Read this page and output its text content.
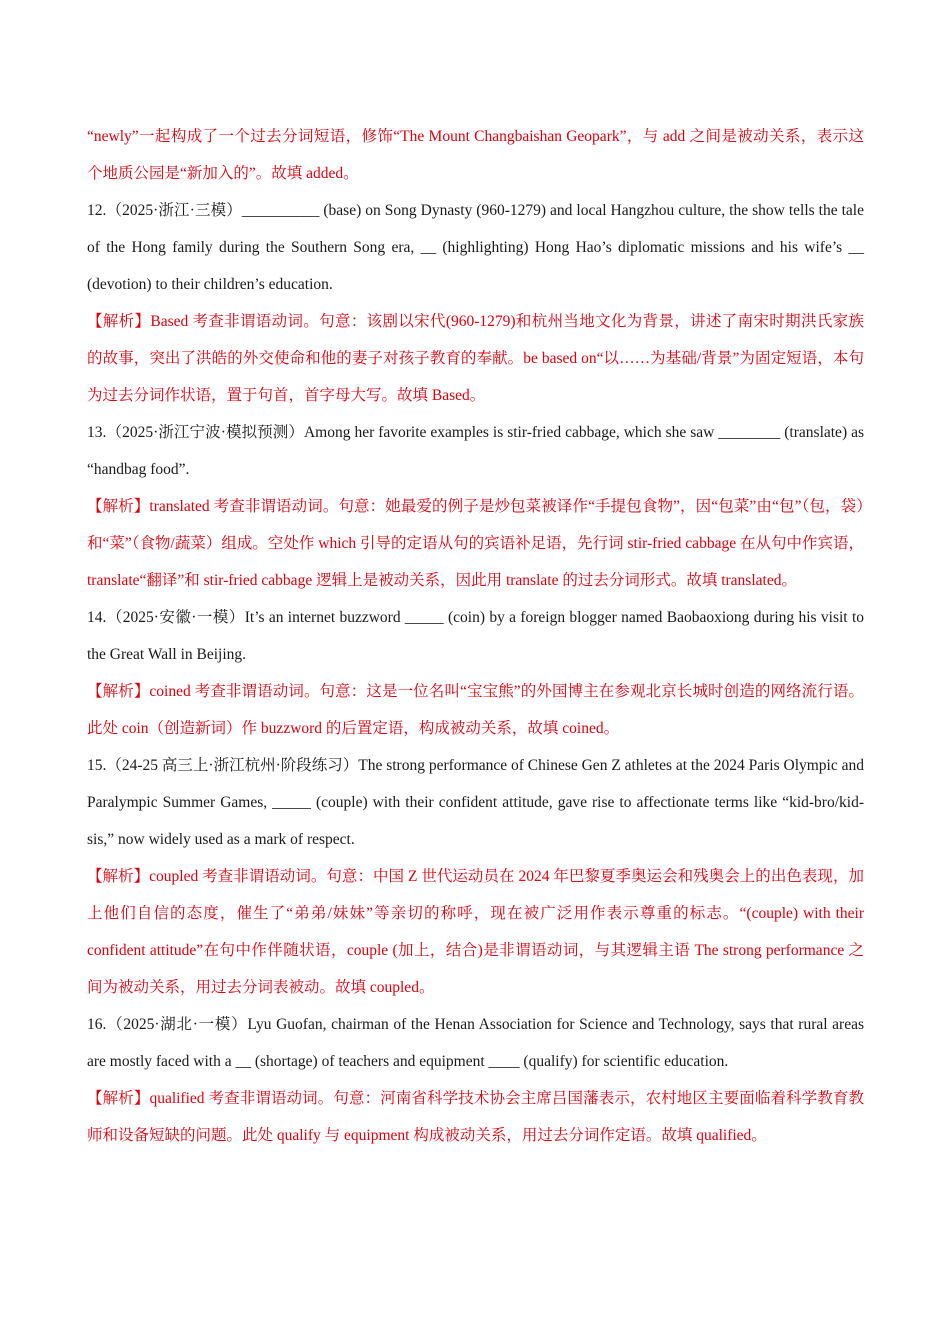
“newly”一起构成了一个过去分词短语，修饰“The Mount Changbaishan Geopark”，与 add 之间是被动关系，表示这个地质公园是“新加入的”。故填 added。

12.（2025·浙江·三模）__________ (base) on Song Dynasty (960-1279) and local Hangzhou culture, the show tells the tale of the Hong family during the Southern Song era, __ (highlighting) Hong Hao’s diplomatic missions and his wife’s __ (devotion) to their children’s education.

【解析】Based 考查非谓语动词。句意：该剧以宋代(960-1279)和杭州当地文化为背景，讲述了南宋时期洪氏家族的故事，突出了洪皓的外交使命和他的妻子对孩子教育的奉献。be based on“以……为基础/背景”为固定短语，本句为过去分词作状语，置于句首，首字母大写。故填 Based。

13.（2025·浙江宁波·模拟预测）Among her favorite examples is stir-fried cabbage, which she saw ________ (translate) as “handbag food”.

【解析】translated 考查非谓语动词。句意：她最爱的例子是炒包菜被译作“手提包食物”，因“包菜”由“包”（包，袋）和“菜”（食物/蔬菜）组成。空处作 which 引导的定语从句的宾语补足语，先行词 stir-fried cabbage 在从句中作宾语，translate“翻译”和 stir-fried cabbage 逻辑上是被动关系，因此用 translate 的过去分词形式。故填 translated。

14.（2025·安徽·一模）It’s an internet buzzword _____ (coin) by a foreign blogger named Baobaoxiong during his visit to the Great Wall in Beijing.

【解析】coined 考查非谓语动词。句意：这是一位名叫“宝宝熊”的外国博主在参观北京长城时创造的网络流行语。此处 coin（创造新词）作 buzzword 的后置定语，构成被动关系，故填 coined。

15.（24-25 高三上·浙江杭州·阶段练习）The strong performance of Chinese Gen Z athletes at the 2024 Paris Olympic and Paralympic Summer Games, _____ (couple) with their confident attitude, gave rise to affectionate terms like “kid-bro/kid-sis,” now widely used as a mark of respect.

【解析】coupled 考查非谓语动词。句意：中国 Z 世代运动员在 2024 年巴黎夏季奥运会和残奥会上的出色表现，加上他们自信的态度，催生了“弟弟/妹妹”等亲切的称呼，现在被广泛用作表示尊重的标志。“(couple) with their confident attitude”在句中作伴随状语，couple (加上，结合)是非谓语动词，与其逻辑主语 The strong performance 之间为被动关系，用过去分词表被动。故填 coupled。

16.（2025·湖北·一模）Lyu Guofan, chairman of the Henan Association for Science and Technology, says that rural areas are mostly faced with a __ (shortage) of teachers and equipment ____ (qualify) for scientific education.

【解析】qualified 考查非谓语动词。句意：河南省科学技术协会主席吕国藩表示，农村地区主要面临着科学教育教师和设备短缺的问题。此处 qualify 与 equipment 构成被动关系，用过去分词作定语。故填 qualified。
